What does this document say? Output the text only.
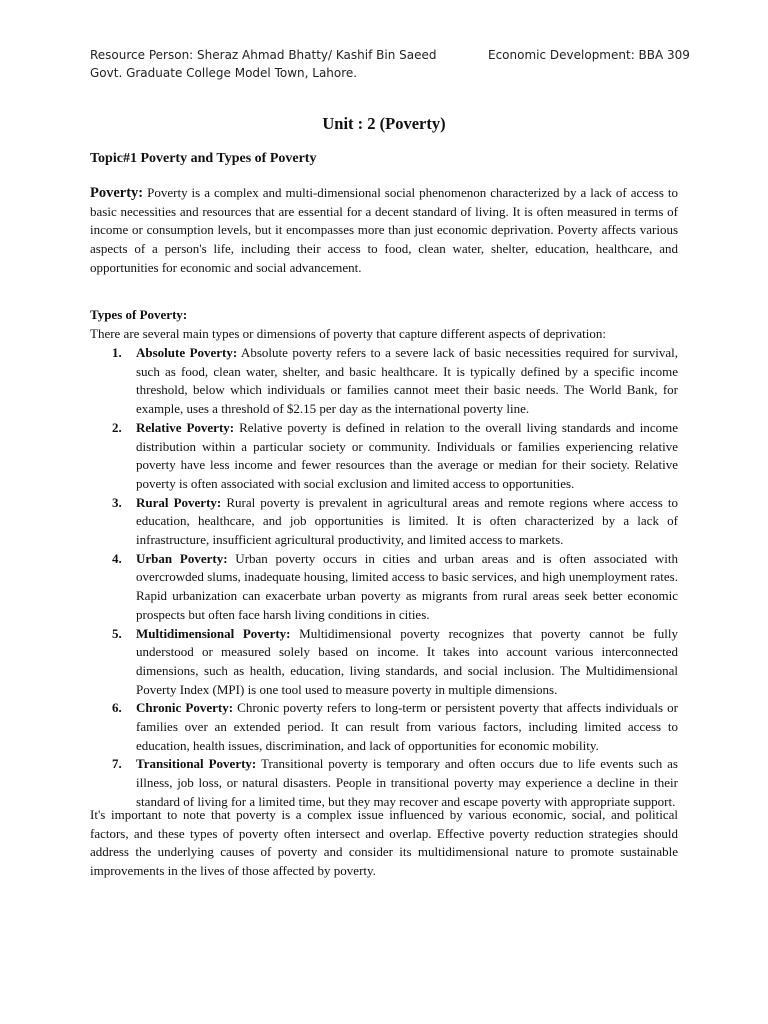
Resource Person: Sheraz Ahmad Bhatty/ Kashif Bin Saeed
Govt. Graduate College Model Town, Lahore.
Economic Development: BBA 309
Unit : 2 (Poverty)
Topic#1 Poverty and Types of Poverty

Poverty: Poverty is a complex and multi-dimensional social phenomenon characterized by a lack of access to basic necessities and resources that are essential for a decent standard of living. It is often measured in terms of income or consumption levels, but it encompasses more than just economic deprivation. Poverty affects various aspects of a person's life, including their access to food, clean water, shelter, education, healthcare, and opportunities for economic and social advancement.

Types of Poverty:

There are several main types or dimensions of poverty that capture different aspects of deprivation:

1. Absolute Poverty: Absolute poverty refers to a severe lack of basic necessities required for survival, such as food, clean water, shelter, and basic healthcare. It is typically defined by a specific income threshold, below which individuals or families cannot meet their basic needs. The World Bank, for example, uses a threshold of $2.15 per day as the international poverty line.
2. Relative Poverty: Relative poverty is defined in relation to the overall living standards and income distribution within a particular society or community. Individuals or families experiencing relative poverty have less income and fewer resources than the average or median for their society. Relative poverty is often associated with social exclusion and limited access to opportunities.
3. Rural Poverty: Rural poverty is prevalent in agricultural areas and remote regions where access to education, healthcare, and job opportunities is limited. It is often characterized by a lack of infrastructure, insufficient agricultural productivity, and limited access to markets.
4. Urban Poverty: Urban poverty occurs in cities and urban areas and is often associated with overcrowded slums, inadequate housing, limited access to basic services, and high unemployment rates. Rapid urbanization can exacerbate urban poverty as migrants from rural areas seek better economic prospects but often face harsh living conditions in cities.
5. Multidimensional Poverty: Multidimensional poverty recognizes that poverty cannot be fully understood or measured solely based on income. It takes into account various interconnected dimensions, such as health, education, living standards, and social inclusion. The Multidimensional Poverty Index (MPI) is one tool used to measure poverty in multiple dimensions.
6. Chronic Poverty: Chronic poverty refers to long-term or persistent poverty that affects individuals or families over an extended period. It can result from various factors, including limited access to education, health issues, discrimination, and lack of opportunities for economic mobility.
7. Transitional Poverty: Transitional poverty is temporary and often occurs due to life events such as illness, job loss, or natural disasters. People in transitional poverty may experience a decline in their standard of living for a limited time, but they may recover and escape poverty with appropriate support.

It's important to note that poverty is a complex issue influenced by various economic, social, and political factors, and these types of poverty often intersect and overlap. Effective poverty reduction strategies should address the underlying causes of poverty and consider its multidimensional nature to promote sustainable improvements in the lives of those affected by poverty.
